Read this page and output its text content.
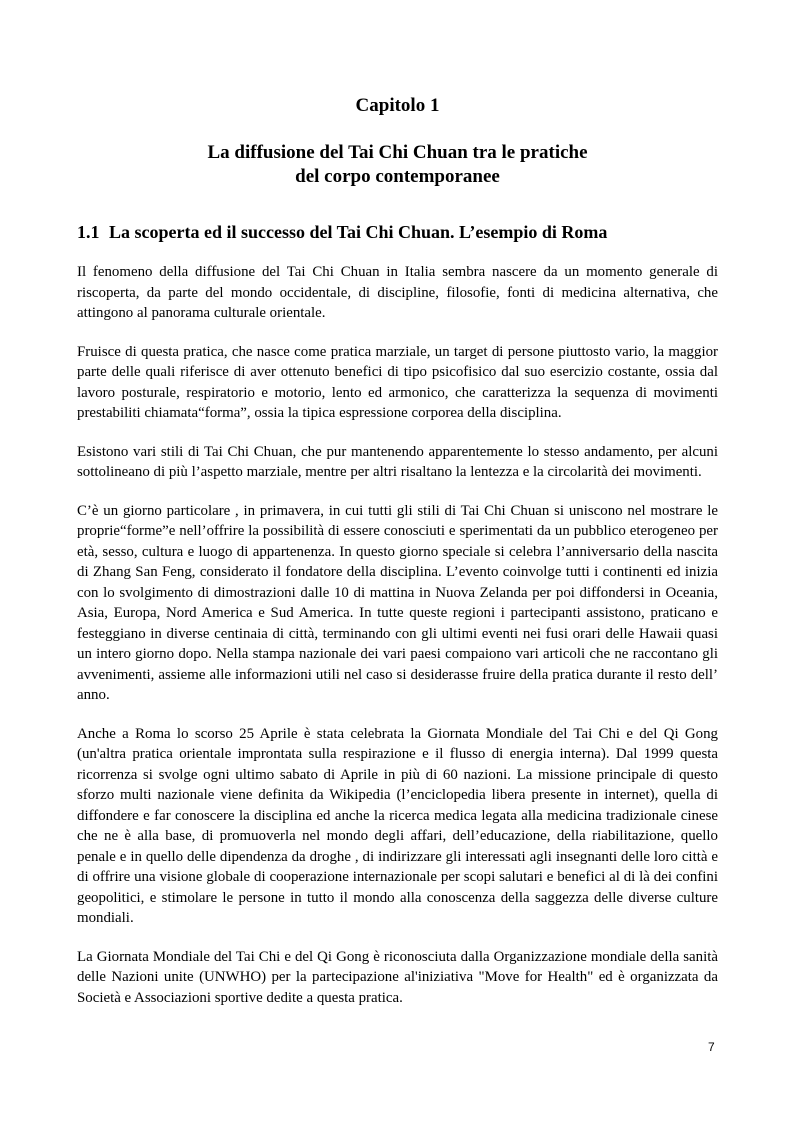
Capitolo 1
La diffusione del Tai Chi Chuan tra le pratiche
del corpo contemporanee
1.1 La scoperta ed il successo del Tai Chi Chuan. L’esempio di Roma

Il fenomeno della diffusione del Tai Chi Chuan in Italia sembra nascere da un momento generale di riscoperta, da parte del mondo occidentale, di discipline, filosofie, fonti di medicina alternativa, che attingono al panorama culturale orientale.

Fruisce di questa pratica, che nasce come pratica marziale, un target di persone piuttosto vario, la maggior parte delle quali riferisce di aver ottenuto benefici di tipo psicofisico dal suo esercizio costante, ossia dal lavoro posturale, respiratorio e motorio, lento ed armonico, che caratterizza la sequenza di movimenti prestabiliti chiamata“forma”, ossia la tipica espressione corporea della disciplina.

Esistono vari stili di Tai Chi Chuan, che pur mantenendo apparentemente lo stesso andamento, per alcuni sottolineano di più l’aspetto marziale, mentre per altri risaltano la lentezza e la circolarità dei movimenti.

C’è un giorno particolare , in primavera, in cui tutti gli stili di Tai Chi Chuan si uniscono nel mostrare le proprie“forme”e nell’offrire la possibilità di essere conosciuti e sperimentati da un pubblico eterogeneo per età, sesso, cultura e luogo di appartenenza. In questo giorno speciale si celebra l’anniversario della nascita di Zhang San Feng, considerato il fondatore della disciplina. L’evento coinvolge tutti i continenti ed inizia con lo svolgimento di dimostrazioni dalle 10 di mattina in Nuova Zelanda per poi diffondersi in Oceania, Asia, Europa, Nord America e Sud America. In tutte queste regioni i partecipanti assistono, praticano e festeggiano in diverse centinaia di città, terminando con gli ultimi eventi nei fusi orari delle Hawaii quasi un intero giorno dopo. Nella stampa nazionale dei vari paesi compaiono vari articoli che ne raccontano gli avvenimenti, assieme alle informazioni utili nel caso si desiderasse fruire della pratica durante il resto dell’ anno.

Anche a Roma lo scorso 25 Aprile è stata celebrata la Giornata Mondiale del Tai Chi e del Qi Gong (un'altra pratica orientale improntata sulla respirazione e il flusso di energia interna). Dal 1999 questa ricorrenza si svolge ogni ultimo sabato di Aprile in più di 60 nazioni. La missione principale di questo sforzo multi nazionale viene definita da Wikipedia (l’enciclopedia libera presente in internet), quella di diffondere e far conoscere la disciplina ed anche la ricerca medica legata alla medicina tradizionale cinese che ne è alla base, di promuoverla nel mondo degli affari, dell’educazione, della riabilitazione, quello penale e in quello delle dipendenza da droghe , di indirizzare gli interessati agli insegnanti delle loro città e di offrire una visione globale di cooperazione internazionale per scopi salutari e benefici al di là dei confini geopolitici, e stimolare le persone in tutto il mondo alla conoscenza della saggezza delle diverse culture mondiali.

La Giornata Mondiale del Tai Chi e del Qi Gong è riconosciuta dalla Organizzazione mondiale della sanità delle Nazioni unite (UNWHO) per la partecipazione al'iniziativa "Move for Health" ed è organizzata da Società e Associazioni sportive dedite a questa pratica.

7
